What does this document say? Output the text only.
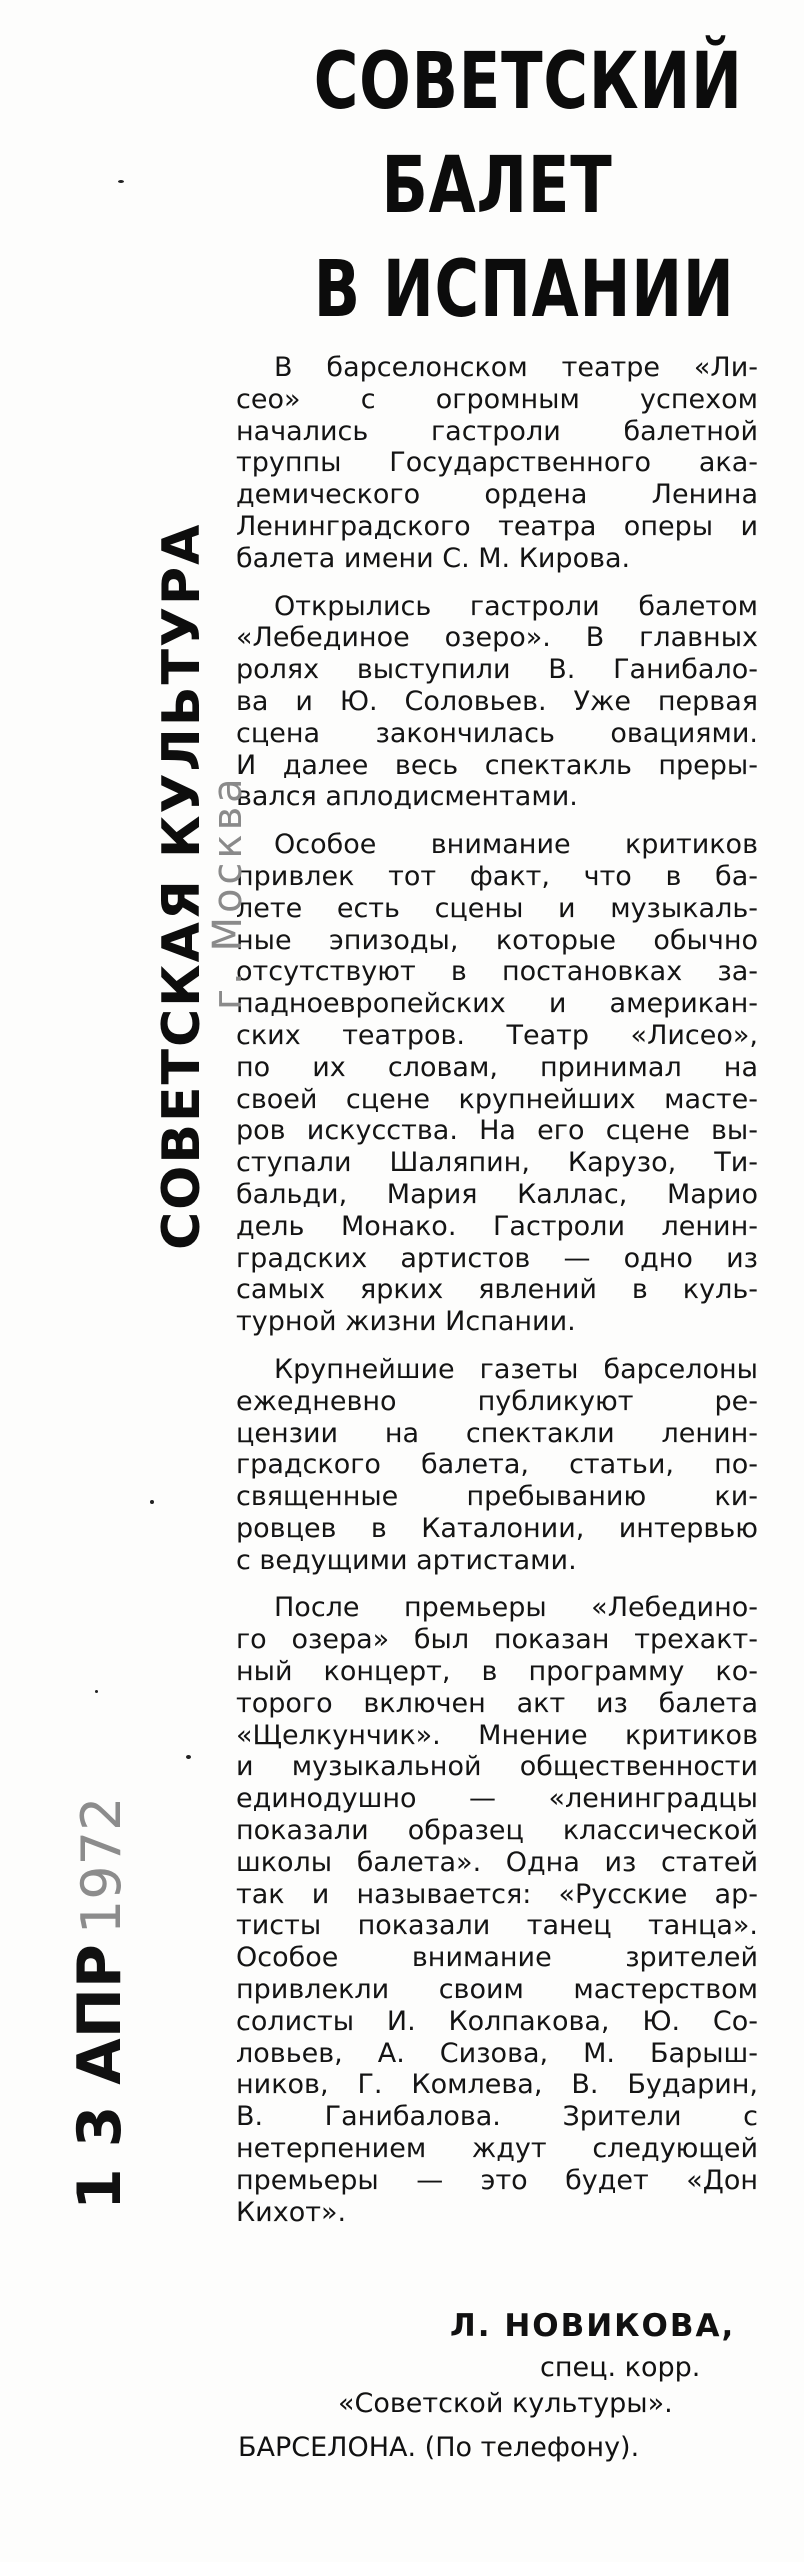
СОВЕТСКИЙ
БАЛЕТ
В ИСПАНИИ
В барселонском театре «Ли-
сео» с огромным успехом
начались гастроли балетной
труппы Государственного ака-
демического ордена Ленина
Ленинградского театра оперы и
балета имени С. М. Кирова.
Открылись гастроли балетом
«Лебединое озеро». В главных
ролях выступили В. Ганибало-
ва и Ю. Соловьев. Уже первая
сцена закончилась овациями.
И далее весь спектакль преры-
вался аплодисментами.
Особое внимание критиков
привлек тот факт, что в ба-
лете есть сцены и музыкаль-
ные эпизоды, которые обычно
отсутствуют в постановках за-
падноевропейских и американ-
ских театров. Театр «Лисео»,
по их словам, принимал на
своей сцене крупнейших масте-
ров искусства. На его сцене вы-
ступали Шаляпин, Карузо, Ти-
бальди, Мария Каллас, Марио
дель Монако. Гастроли ленин-
градских артистов — одно из
самых ярких явлений в куль-
турной жизни Испании.
Крупнейшие газеты барселоны
ежедневно публикуют ре-
цензии на спектакли ленин-
градского балета, статьи, по-
священные пребыванию ки-
ровцев в Каталонии, интервью
с ведущими артистами.
После премьеры «Лебедино-
го озера» был показан трехакт-
ный концерт, в программу ко-
торого включен акт из балета
«Щелкунчик». Мнение критиков
и музыкальной общественности
единодушно — «ленинградцы
показали образец классической
школы балета». Одна из статей
так и называется: «Русские ар-
тисты показали танец танца».
Особое внимание зрителей
привлекли своим мастерством
солисты И. Колпакова, Ю. Со-
ловьев, А. Сизова, М. Барыш-
ников, Г. Комлева, В. Бударин,
В. Ганибалова. Зрители с
нетерпением ждут следующей
премьеры — это будет «Дон
Кихот».
Л. НОВИКОВА,
спец. корр.
«Советской культуры».
БАРСЕЛОНА. (По телефону).
СОВЕТСКАЯ КУЛЬТУРА
г. Москва
1 3 АПР1972
